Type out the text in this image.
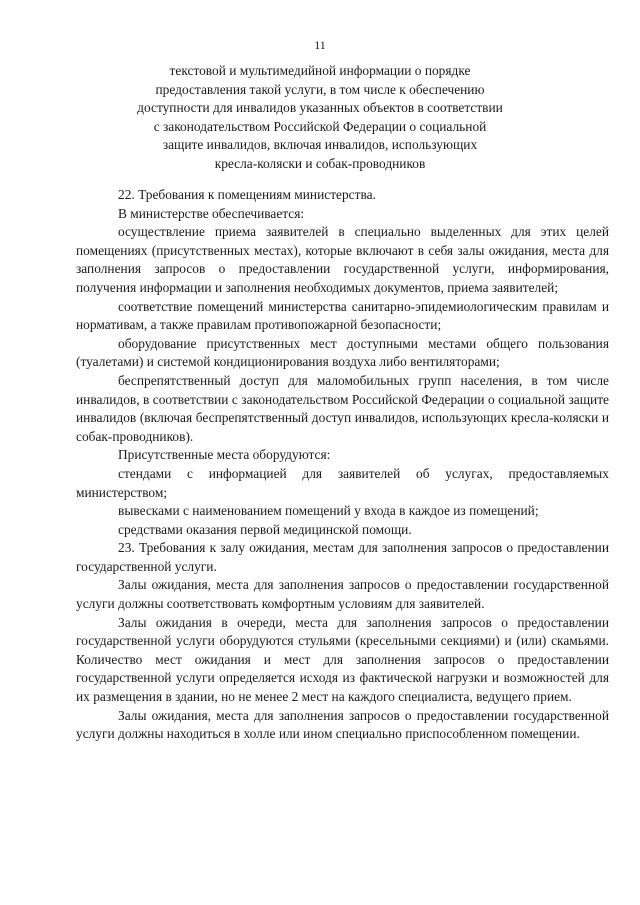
11
текстовой и мультимедийной информации о порядке
предоставления такой услуги, в том числе к обеспечению
доступности для инвалидов указанных объектов в соответствии
с законодательством Российской Федерации о социальной
защите инвалидов, включая инвалидов, использующих
кресла-коляски и собак-проводников

22. Требования к помещениям министерства.

В министерстве обеспечивается:

осуществление приема заявителей в специально выделенных для этих целей помещениях (присутственных местах), которые включают в себя залы ожидания, места для заполнения запросов о предоставлении государственной услуги, информирования, получения информации и заполнения необходимых документов, приема заявителей;

соответствие помещений министерства санитарно-эпидемиологическим правилам и нормативам, а также правилам противопожарной безопасности;

оборудование присутственных мест доступными местами общего пользования (туалетами) и системой кондиционирования воздуха либо вентиляторами;

беспрепятственный доступ для маломобильных групп населения, в том числе инвалидов, в соответствии с законодательством Российской Федерации о социальной защите инвалидов (включая беспрепятственный доступ инвалидов, использующих кресла-коляски и собак-проводников).

Присутственные места оборудуются:

стендами с информацией для заявителей об услугах, предоставляемых министерством;

вывесками с наименованием помещений у входа в каждое из помещений;

средствами оказания первой медицинской помощи.

23. Требования к залу ожидания, местам для заполнения запросов о предоставлении государственной услуги.

Залы ожидания, места для заполнения запросов о предоставлении государственной услуги должны соответствовать комфортным условиям для заявителей.

Залы ожидания в очереди, места для заполнения запросов о предоставлении государственной услуги оборудуются стульями (кресельными секциями) и (или) скамьями. Количество мест ожидания и мест для заполнения запросов о предоставлении государственной услуги определяется исходя из фактической нагрузки и возможностей для их размещения в здании, но не менее 2 мест на каждого специалиста, ведущего прием.

Залы ожидания, места для заполнения запросов о предоставлении государственной услуги должны находиться в холле или ином специально приспособленном помещении.
